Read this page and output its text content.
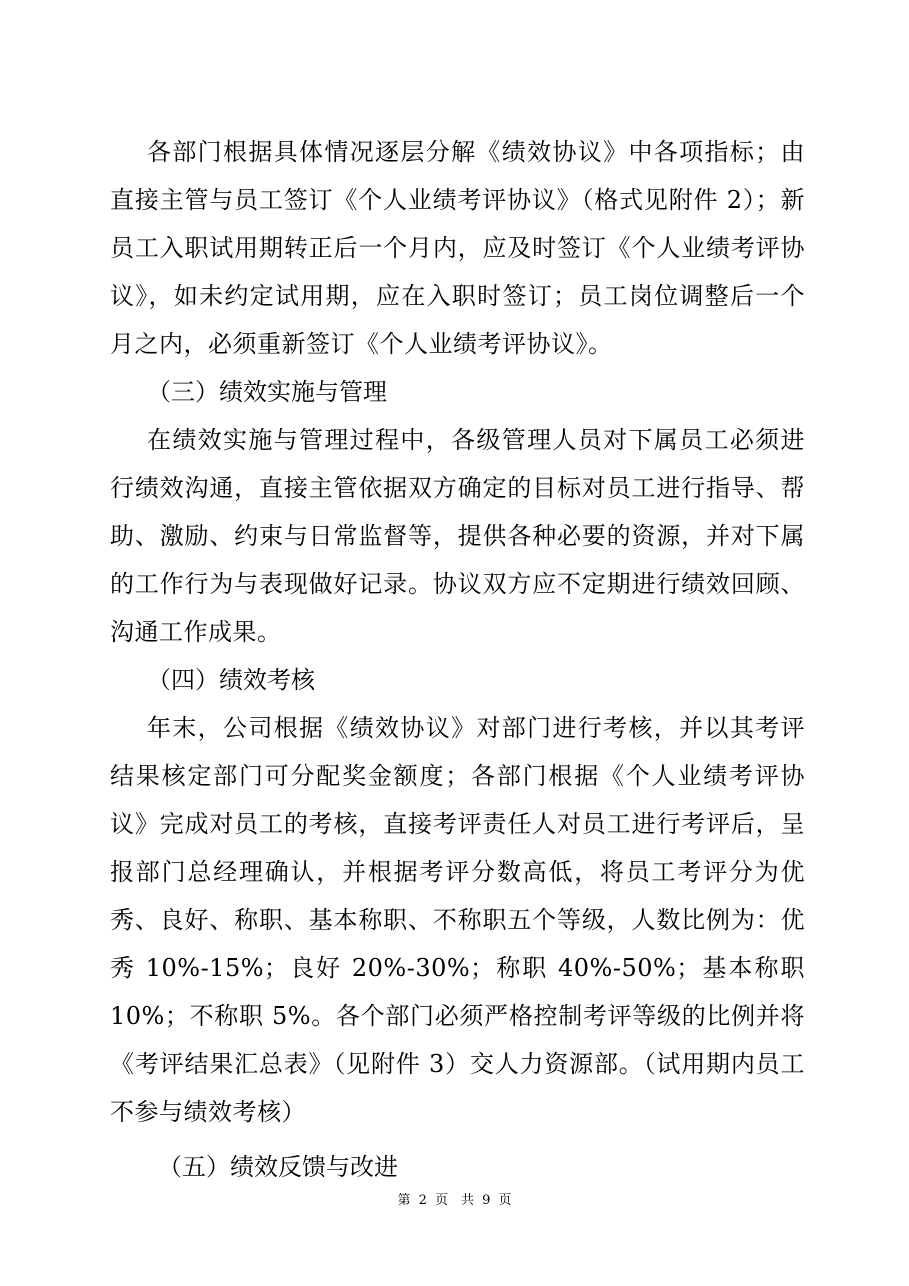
各部门根据具体情况逐层分解《绩效协议》中各项指标；由直接主管与员工签订《个人业绩考评协议》（格式见附件 2）；新员工入职试用期转正后一个月内，应及时签订《个人业绩考评协议》，如未约定试用期，应在入职时签订；员工岗位调整后一个月之内，必须重新签订《个人业绩考评协议》。

（三）绩效实施与管理

在绩效实施与管理过程中，各级管理人员对下属员工必须进行绩效沟通，直接主管依据双方确定的目标对员工进行指导、帮助、激励、约束与日常监督等，提供各种必要的资源，并对下属的工作行为与表现做好记录。协议双方应不定期进行绩效回顾、沟通工作成果。

（四）绩效考核

年末，公司根据《绩效协议》对部门进行考核，并以其考评结果核定部门可分配奖金额度；各部门根据《个人业绩考评协议》完成对员工的考核，直接考评责任人对员工进行考评后，呈报部门总经理确认，并根据考评分数高低，将员工考评分为优秀、良好、称职、基本称职、不称职五个等级，人数比例为：优秀 10%-15%；良好 20%-30%；称职 40%-50%；基本称职 10%；不称职 5%。各个部门必须严格控制考评等级的比例并将《考评结果汇总表》（见附件 3）交人力资源部。（试用期内员工不参与绩效考核）

（五）绩效反馈与改进

第 2 页　共 9 页
